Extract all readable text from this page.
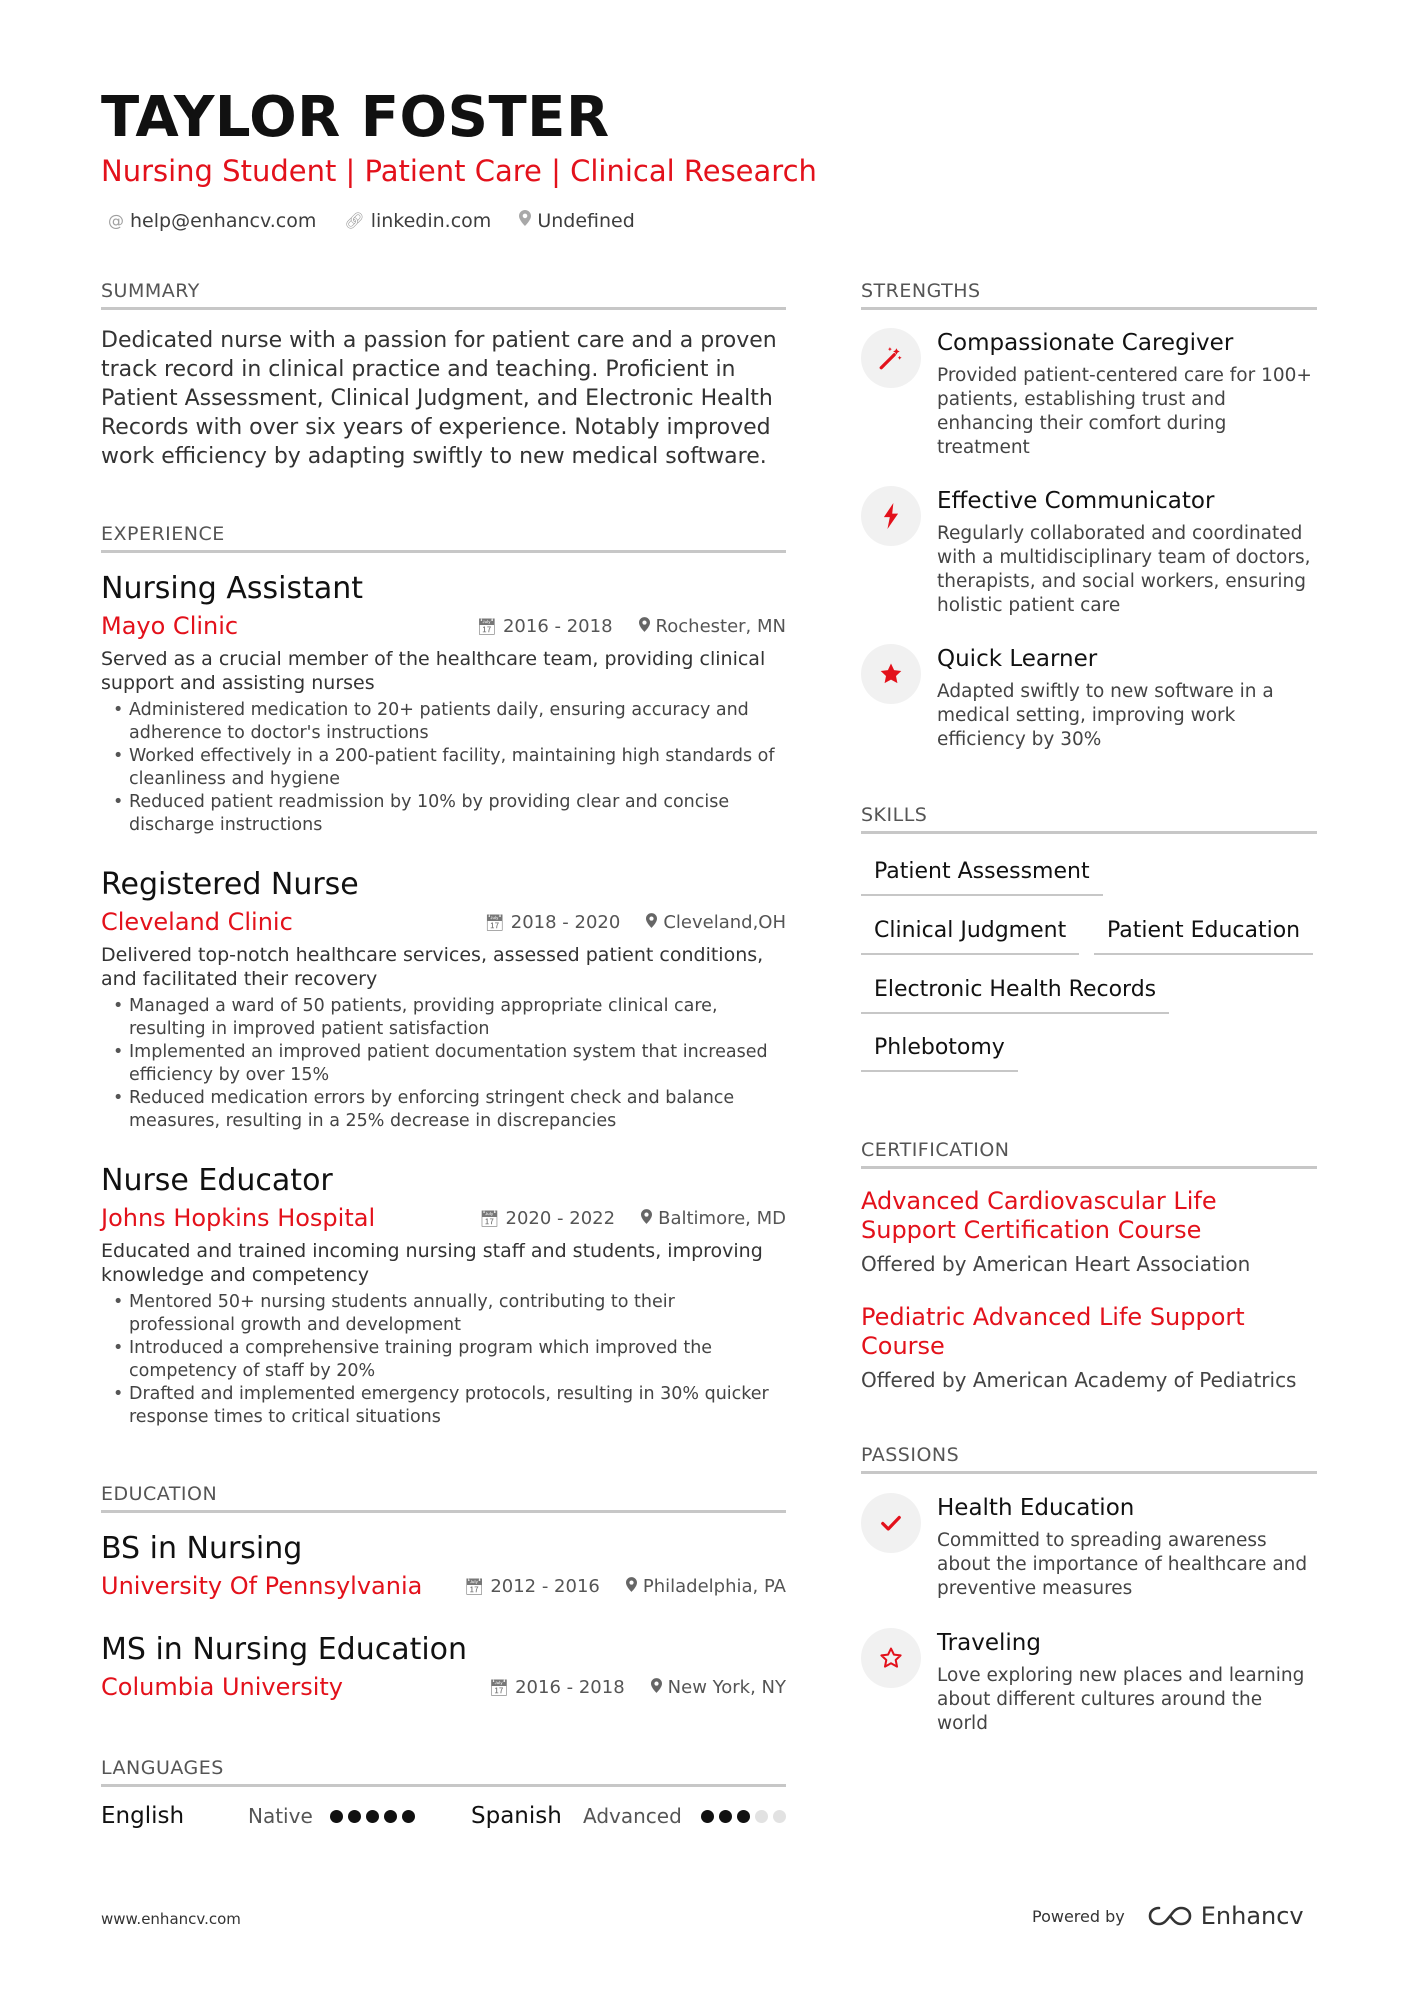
TAYLOR FOSTER
Nursing Student | Patient Care | Clinical Research
@ help@enhancv.com 🔗︎ linkedin.com Undefined
SUMMARY
Dedicated nurse with a passion for patient care and a proven track record in clinical practice and teaching. Proficient in Patient Assessment, Clinical Judgment, and Electronic Health Records with over six years of experience. Notably improved work efficiency by adapting swiftly to new medical software.
EXPERIENCE
Nursing Assistant
Mayo Clinic	📅︎ 2016 - 2018	Rochester, MN
Served as a crucial member of the healthcare team, providing clinical support and assisting nurses
• Administered medication to 20+ patients daily, ensuring accuracy and adherence to doctor's instructions
• Worked effectively in a 200-patient facility, maintaining high standards of cleanliness and hygiene
• Reduced patient readmission by 10% by providing clear and concise discharge instructions
Registered Nurse
Cleveland Clinic	📅︎ 2018 - 2020	Cleveland,OH
Delivered top-notch healthcare services, assessed patient conditions, and facilitated their recovery
• Managed a ward of 50 patients, providing appropriate clinical care, resulting in improved patient satisfaction
• Implemented an improved patient documentation system that increased efficiency by over 15%
• Reduced medication errors by enforcing stringent check and balance measures, resulting in a 25% decrease in discrepancies
Nurse Educator
Johns Hopkins Hospital	📅︎ 2020 - 2022	Baltimore, MD
Educated and trained incoming nursing staff and students, improving knowledge and competency
• Mentored 50+ nursing students annually, contributing to their professional growth and development
• Introduced a comprehensive training program which improved the competency of staff by 20%
• Drafted and implemented emergency protocols, resulting in 30% quicker response times to critical situations
EDUCATION
BS in Nursing
University Of Pennsylvania	📅︎ 2012 - 2016	Philadelphia, PA
MS in Nursing Education
Columbia University	📅︎ 2016 - 2018	New York, NY
LANGUAGES
English	Native	Spanish	Advanced
STRENGTHS
Compassionate Caregiver
Provided patient-centered care for 100+ patients, establishing trust and enhancing their comfort during treatment
Effective Communicator
Regularly collaborated and coordinated with a multidisciplinary team of doctors, therapists, and social workers, ensuring holistic patient care
Quick Learner
Adapted swiftly to new software in a medical setting, improving work efficiency by 30%
SKILLS
Patient Assessment
Clinical Judgment	Patient Education
Electronic Health Records
Phlebotomy
CERTIFICATION
Advanced Cardiovascular Life Support Certification Course
Offered by American Heart Association
Pediatric Advanced Life Support Course
Offered by American Academy of Pediatrics
PASSIONS
Health Education
Committed to spreading awareness about the importance of healthcare and preventive measures
Traveling
Love exploring new places and learning about different cultures around the world
www.enhancv.com	Powered by	Enhancv
